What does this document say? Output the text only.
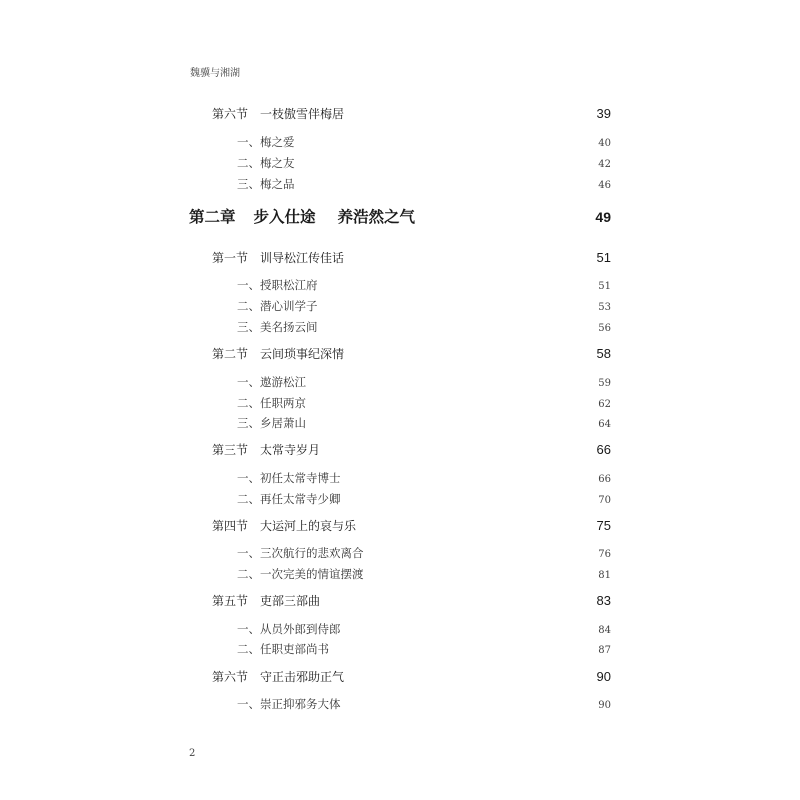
魏骥与湘湖
第六节 一枝傲雪伴梅居	39
一、梅之爱	40
二、梅之友	42
三、梅之品	46
第二章 步入仕途 养浩然之气	49
第一节 训导松江传佳话	51
一、授职松江府	51
二、潜心训学子	53
三、美名扬云间	56
第二节 云间琐事纪深情	58
一、遨游松江	59
二、任职两京	62
三、乡居萧山	64
第三节 太常寺岁月	66
一、初任太常寺博士	66
二、再任太常寺少卿	70
第四节 大运河上的哀与乐	75
一、三次航行的悲欢离合	76
二、一次完美的情谊摆渡	81
第五节 吏部三部曲	83
一、从员外郎到侍郎	84
二、任职吏部尚书	87
第六节 守正击邪助正气	90
一、崇正抑邪务大体	90
2
